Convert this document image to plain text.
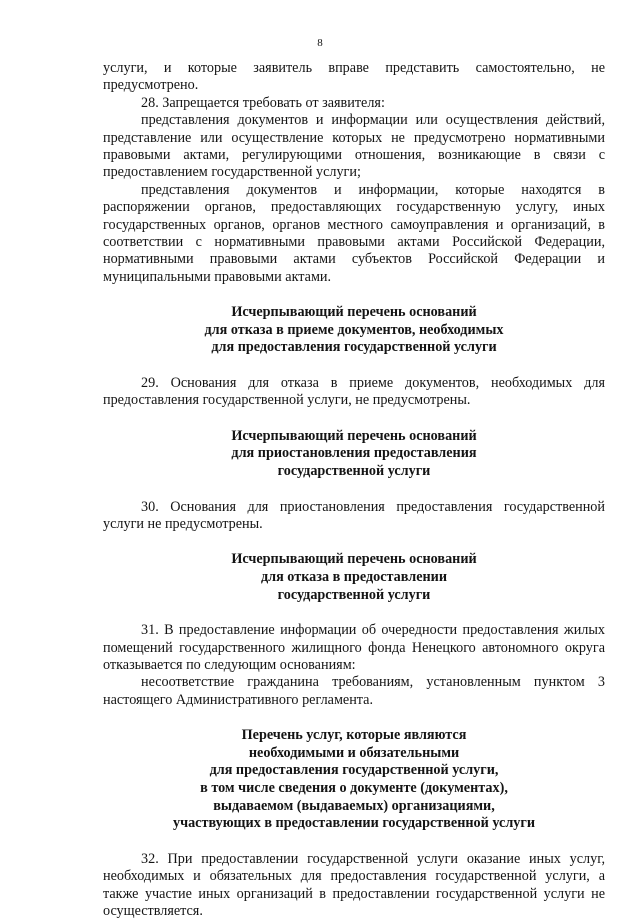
8

услуги, и которые заявитель вправе представить самостоятельно, не предусмотрено.

28. Запрещается требовать от заявителя:

представления документов и информации или осуществления действий, представление или осуществление которых не предусмотрено нормативными правовыми актами, регулирующими отношения, возникающие в связи с предоставлением государственной услуги;

представления документов и информации, которые находятся в распоряжении органов, предоставляющих государственную услугу, иных государственных органов, органов местного самоуправления и организаций, в соответствии с нормативными правовыми актами Российской Федерации, нормативными правовыми актами субъектов Российской Федерации и муниципальными правовыми актами.

Исчерпывающий перечень оснований
для отказа в приеме документов, необходимых
для предоставления государственной услуги

29. Основания для отказа в приеме документов, необходимых для предоставления государственной услуги, не предусмотрены.

Исчерпывающий перечень оснований
для приостановления предоставления
государственной услуги

30. Основания для приостановления предоставления государственной услуги не предусмотрены.

Исчерпывающий перечень оснований
для отказа в предоставлении
государственной услуги

31. В предоставление информации об очередности предоставления жилых помещений государственного жилищного фонда Ненецкого автономного округа отказывается по следующим основаниям:

несоответствие гражданина требованиям, установленным пунктом 3 настоящего Административного регламента.

Перечень услуг, которые являются
необходимыми и обязательными
для предоставления государственной услуги,
в том числе сведения о документе (документах),
выдаваемом (выдаваемых) организациями,
участвующих в предоставлении государственной услуги

32. При предоставлении государственной услуги оказание иных услуг, необходимых и обязательных для предоставления государственной услуги, а также участие иных организаций в предоставлении государственной услуги не осуществляется.
